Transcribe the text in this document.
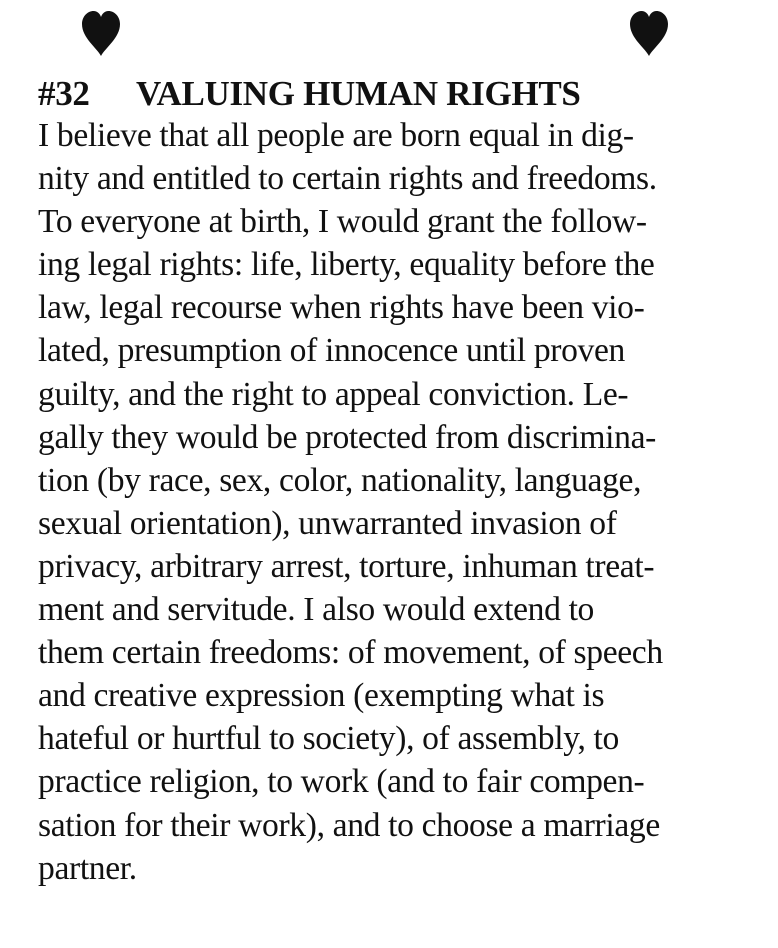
#32 VALUING HUMAN RIGHTS
I believe that all people are born equal in dig-
nity and entitled to certain rights and freedoms.
To everyone at birth, I would grant the follow-
ing legal rights: life, liberty, equality before the
law, legal recourse when rights have been vio-
lated, presumption of innocence until proven
guilty, and the right to appeal conviction. Le-
gally they would be protected from discrimina-
tion (by race, sex, color, nationality, language,
sexual orientation), unwarranted invasion of
privacy, arbitrary arrest, torture, inhuman treat-
ment and servitude. I also would extend to
them certain freedoms: of movement, of speech
and creative expression (exempting what is
hateful or hurtful to society), of assembly, to
practice religion, to work (and to fair compen-
sation for their work), and to choose a marriage
partner.
